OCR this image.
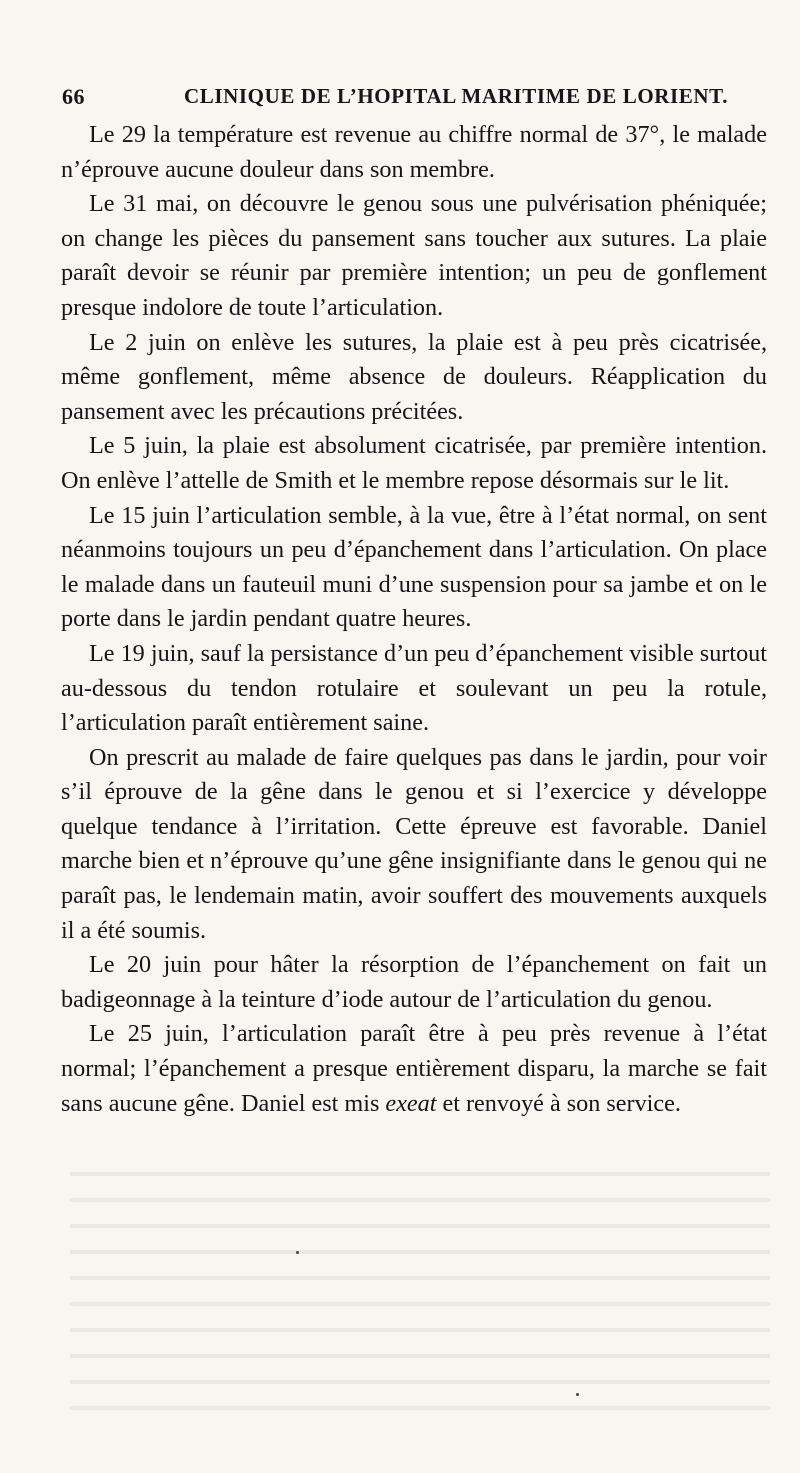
66	CLINIQUE DE L’HOPITAL MARITIME DE LORIENT.

Le 29 la température est revenue au chiffre normal de 37°, le malade n’éprouve aucune douleur dans son membre.

Le 31 mai, on découvre le genou sous une pulvérisation phéniquée; on change les pièces du pansement sans toucher aux sutures. La plaie paraît devoir se réunir par première intention; un peu de gonflement presque indolore de toute l’articulation.

Le 2 juin on enlève les sutures, la plaie est à peu près cicatrisée, même gonflement, même absence de douleurs. Réapplication du pansement avec les précautions précitées.

Le 5 juin, la plaie est absolument cicatrisée, par première intention. On enlève l’attelle de Smith et le membre repose désormais sur le lit.

Le 15 juin l’articulation semble, à la vue, être à l’état normal, on sent néanmoins toujours un peu d’épanchement dans l’articulation. On place le malade dans un fauteuil muni d’une suspension pour sa jambe et on le porte dans le jardin pendant quatre heures.

Le 19 juin, sauf la persistance d’un peu d’épanchement visible surtout au-dessous du tendon rotulaire et soulevant un peu la rotule, l’articulation paraît entièrement saine.

On prescrit au malade de faire quelques pas dans le jardin, pour voir s’il éprouve de la gêne dans le genou et si l’exercice y développe quelque tendance à l’irritation. Cette épreuve est favorable. Daniel marche bien et n’éprouve qu’une gêne insignifiante dans le genou qui ne paraît pas, le lendemain matin, avoir souffert des mouvements auxquels il a été soumis.

Le 20 juin pour hâter la résorption de l’épanchement on fait un badigeonnage à la teinture d’iode autour de l’articulation du genou.

Le 25 juin, l’articulation paraît être à peu près revenue à l’état normal; l’épanchement a presque entièrement disparu, la marche se fait sans aucune gêne. Daniel est mis exeat et renvoyé à son service.
